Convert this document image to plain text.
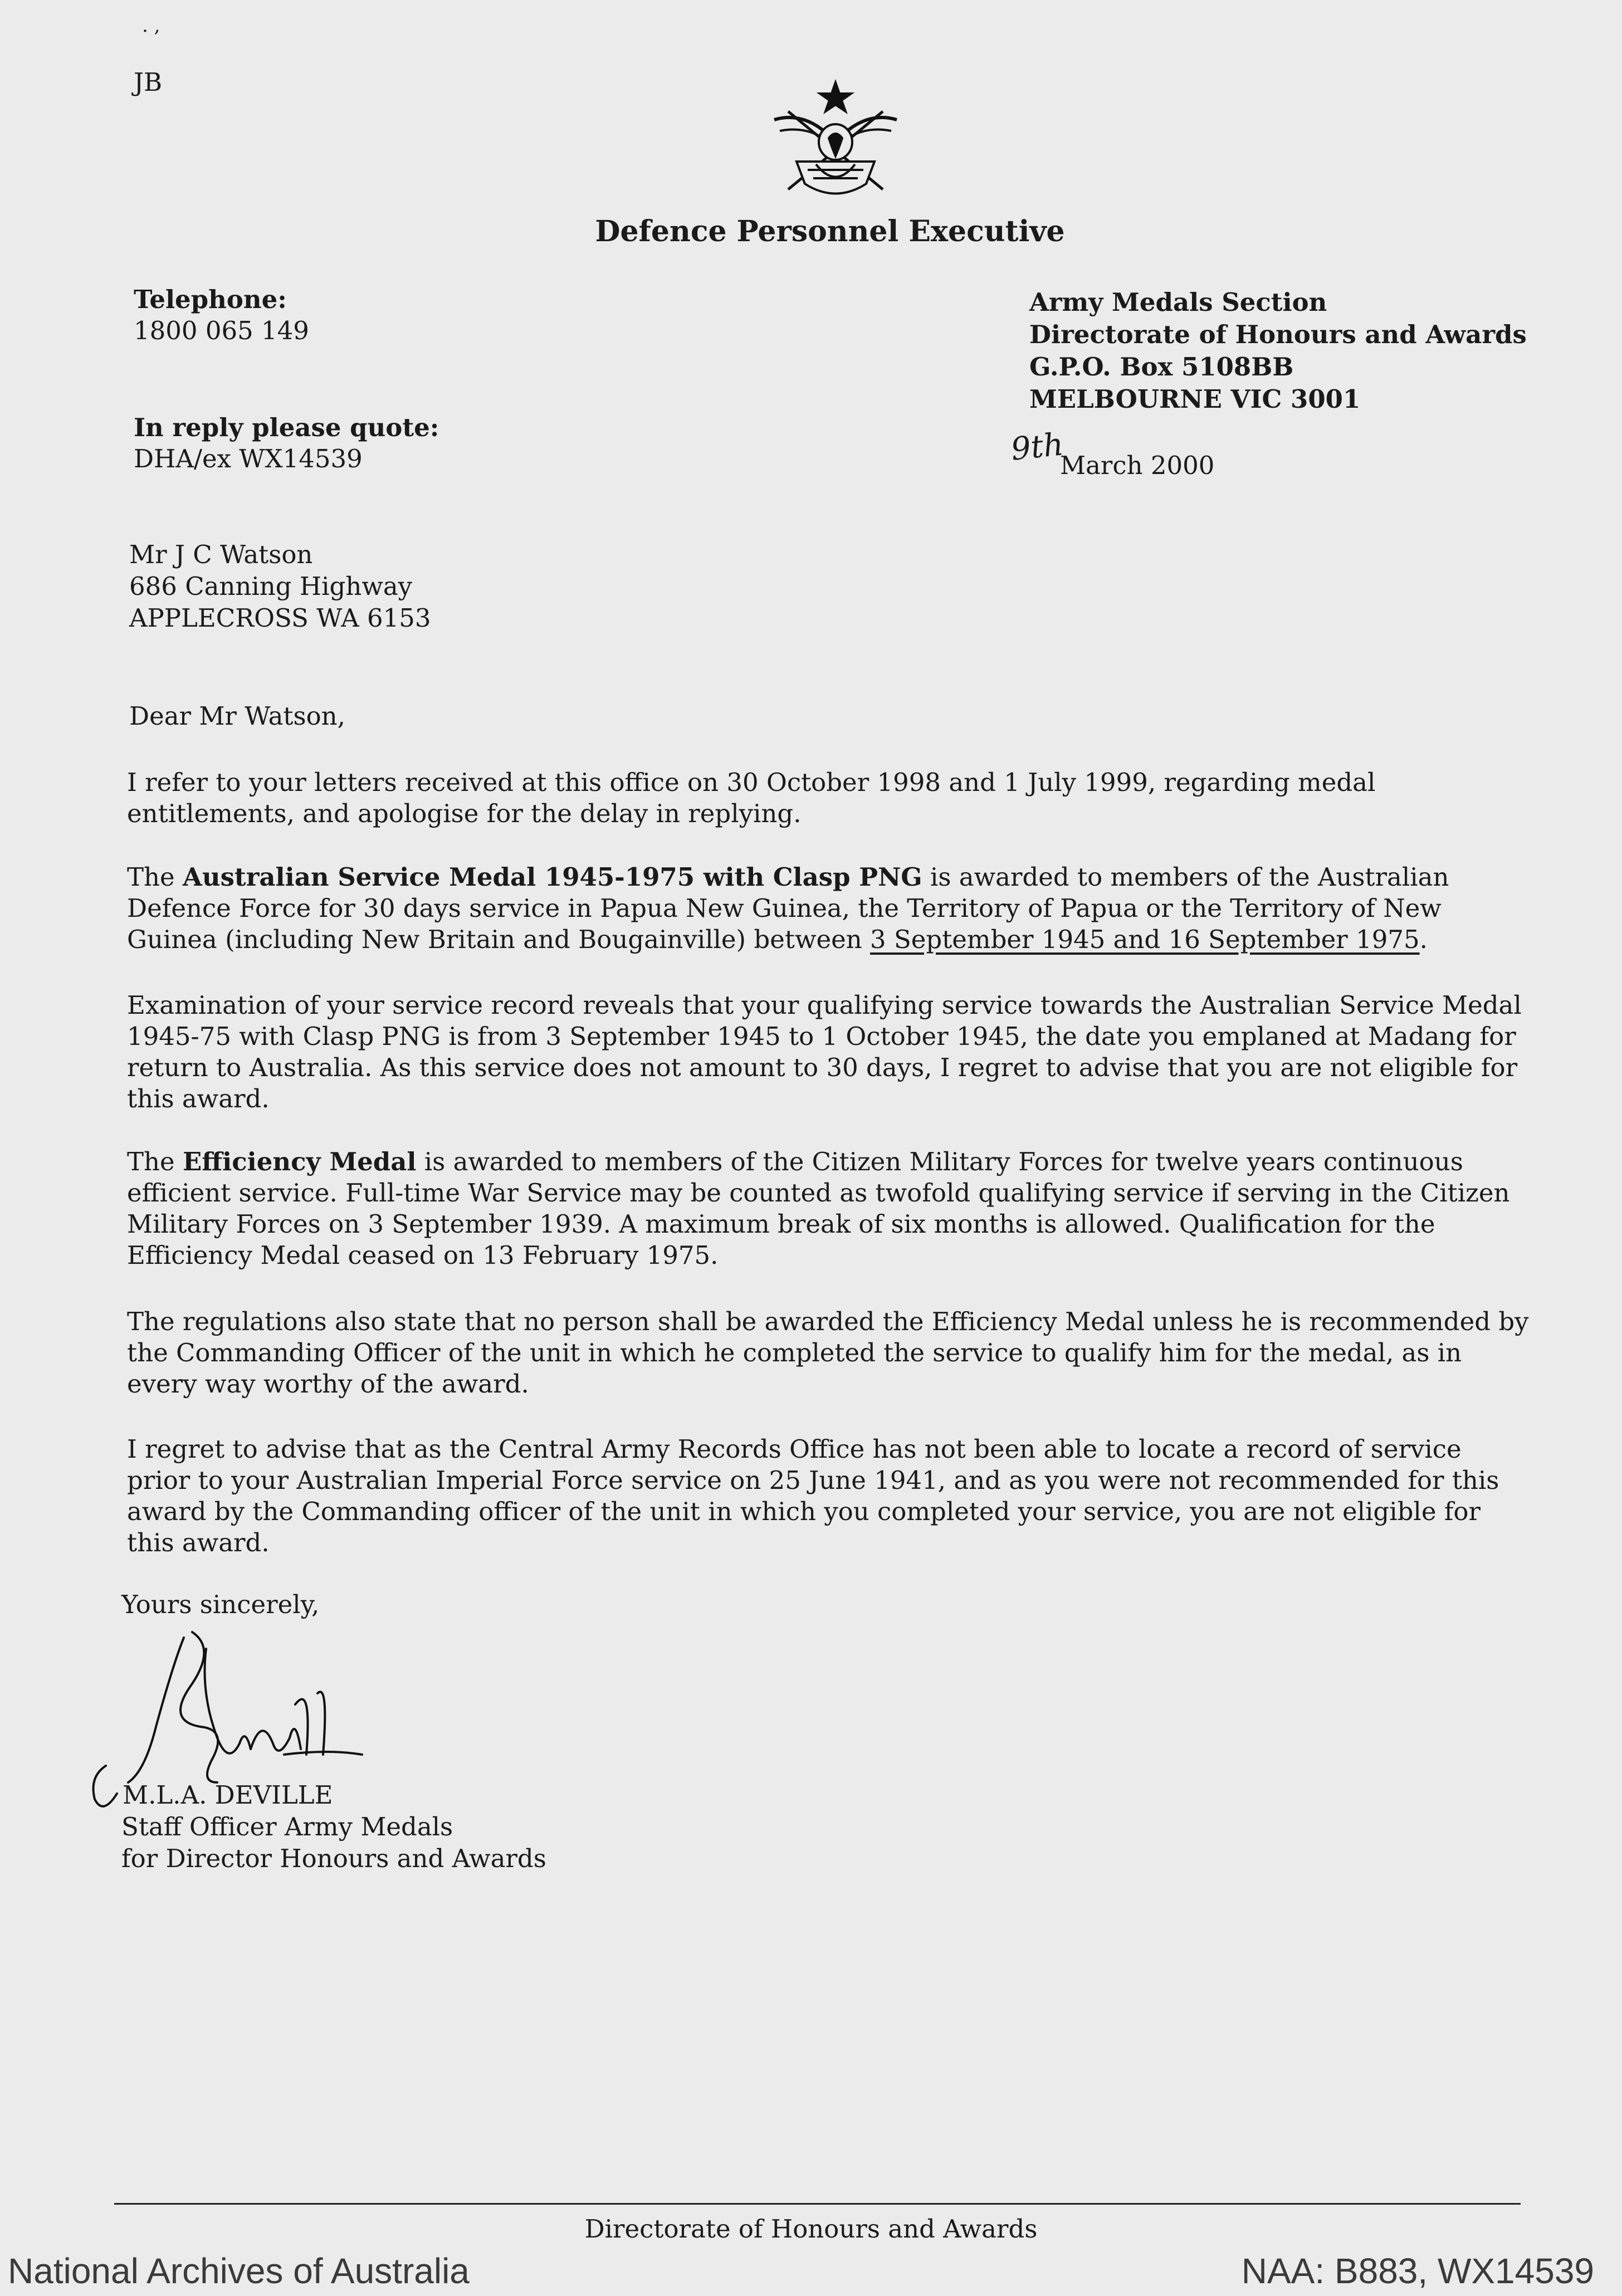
. ,
JB
Defence Personnel Executive
Telephone:
1800 065 149
In reply please quote:
DHA/ex WX14539
Army Medals Section
Directorate of Honours and Awards
G.P.O. Box 5108BB
MELBOURNE VIC 3001
9th
March 2000
Mr J C Watson
686 Canning Highway
APPLECROSS WA 6153
Dear Mr Watson,
I refer to your letters received at this office on 30 October 1998 and 1 July 1999, regarding medal entitlements, and apologise for the delay in replying.
The Australian Service Medal 1945-1975 with Clasp PNG is awarded to members of the Australian Defence Force for 30 days service in Papua New Guinea, the Territory of Papua or the Territory of New Guinea (including New Britain and Bougainville) between 3 September 1945 and 16 September 1975.
Examination of your service record reveals that your qualifying service towards the Australian Service Medal 1945-75 with Clasp PNG is from 3 September 1945 to 1 October 1945, the date you emplaned at Madang for return to Australia. As this service does not amount to 30 days, I regret to advise that you are not eligible for this award.
The Efficiency Medal is awarded to members of the Citizen Military Forces for twelve years continuous efficient service. Full-time War Service may be counted as twofold qualifying service if serving in the Citizen Military Forces on 3 September 1939. A maximum break of six months is allowed. Qualification for the Efficiency Medal ceased on 13 February 1975.
The regulations also state that no person shall be awarded the Efficiency Medal unless he is recommended by the Commanding Officer of the unit in which he completed the service to qualify him for the medal, as in every way worthy of the award.
I regret to advise that as the Central Army Records Office has not been able to locate a record of service prior to your Australian Imperial Force service on 25 June 1941, and as you were not recommended for this award by the Commanding officer of the unit in which you completed your service, you are not eligible for this award.
Yours sincerely,
M.L.A. DEVILLE
Staff Officer Army Medals
for Director Honours and Awards
Directorate of Honours and Awards
National Archives of Australia	NAA: B883, WX14539
